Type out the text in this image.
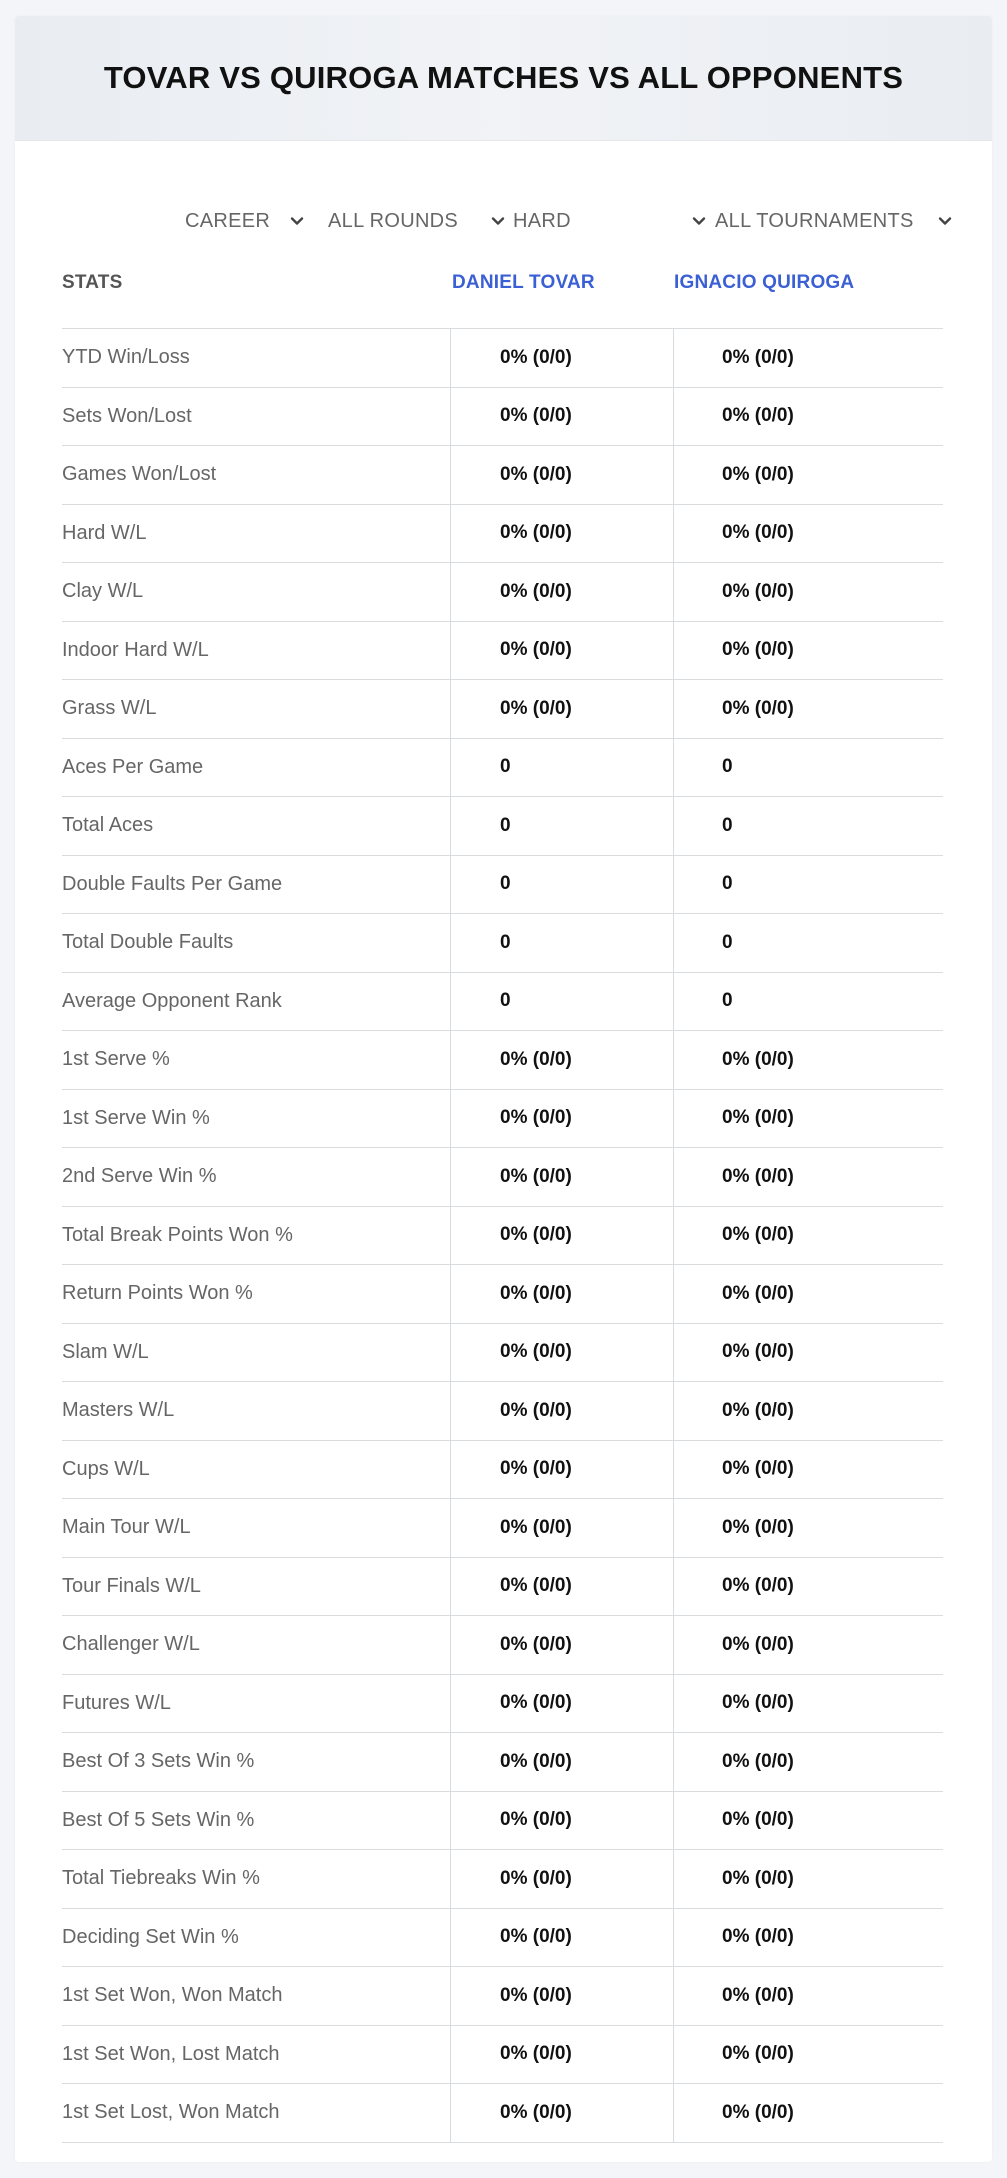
TOVAR VS QUIROGA MATCHES VS ALL OPPONENTS
CAREER	ALL ROUNDS	HARD	ALL TOURNAMENTS
STATS	DANIEL TOVAR	IGNACIO QUIROGA
YTD Win/Loss	0% (0/0)	0% (0/0)
Sets Won/Lost	0% (0/0)	0% (0/0)
Games Won/Lost	0% (0/0)	0% (0/0)
Hard W/L	0% (0/0)	0% (0/0)
Clay W/L	0% (0/0)	0% (0/0)
Indoor Hard W/L	0% (0/0)	0% (0/0)
Grass W/L	0% (0/0)	0% (0/0)
Aces Per Game	0	0
Total Aces	0	0
Double Faults Per Game	0	0
Total Double Faults	0	0
Average Opponent Rank	0	0
1st Serve %	0% (0/0)	0% (0/0)
1st Serve Win %	0% (0/0)	0% (0/0)
2nd Serve Win %	0% (0/0)	0% (0/0)
Total Break Points Won %	0% (0/0)	0% (0/0)
Return Points Won %	0% (0/0)	0% (0/0)
Slam W/L	0% (0/0)	0% (0/0)
Masters W/L	0% (0/0)	0% (0/0)
Cups W/L	0% (0/0)	0% (0/0)
Main Tour W/L	0% (0/0)	0% (0/0)
Tour Finals W/L	0% (0/0)	0% (0/0)
Challenger W/L	0% (0/0)	0% (0/0)
Futures W/L	0% (0/0)	0% (0/0)
Best Of 3 Sets Win %	0% (0/0)	0% (0/0)
Best Of 5 Sets Win %	0% (0/0)	0% (0/0)
Total Tiebreaks Win %	0% (0/0)	0% (0/0)
Deciding Set Win %	0% (0/0)	0% (0/0)
1st Set Won, Won Match	0% (0/0)	0% (0/0)
1st Set Won, Lost Match	0% (0/0)	0% (0/0)
1st Set Lost, Won Match	0% (0/0)	0% (0/0)
